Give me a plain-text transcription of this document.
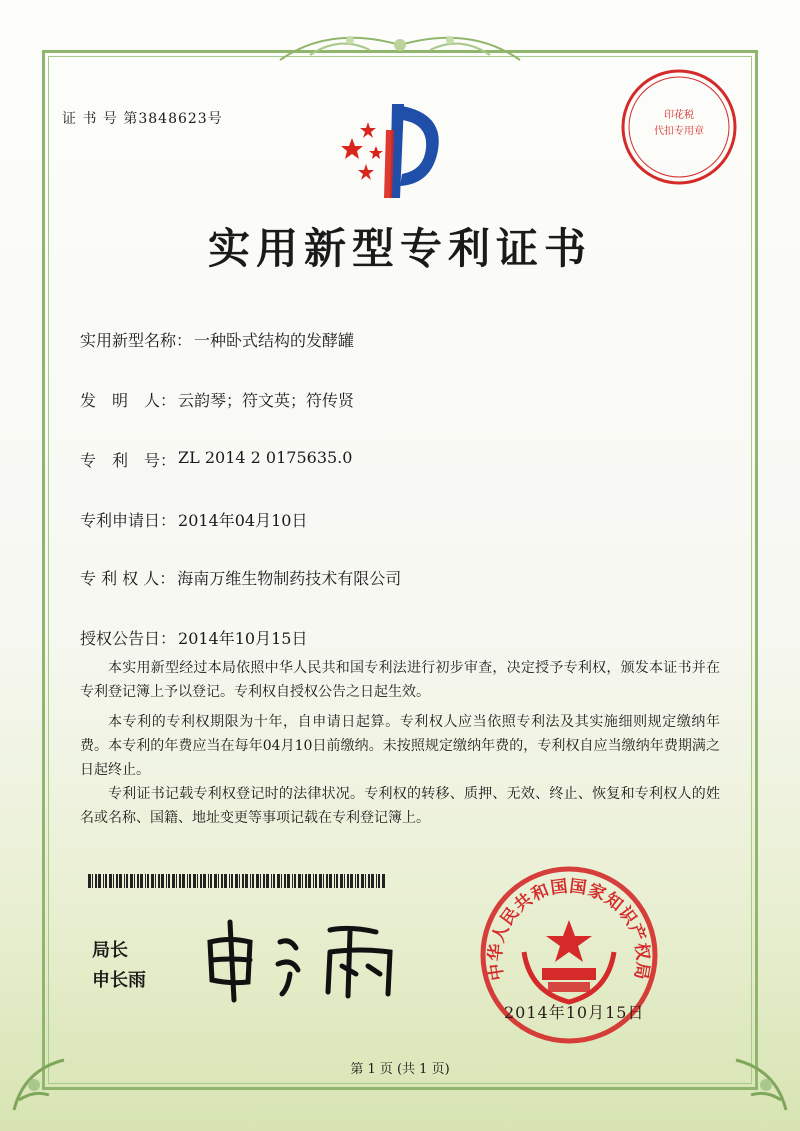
证 书 号 第3848623号	印花税
代扣专用章
实用新型专利证书
实用新型名称： 一种卧式结构的发酵罐
发　明　人： 云韵琴；符文英；符传贤
专　利　号： ZL 2014 2 0175635.0
专利申请日： 2014年04月10日
专 利 权 人： 海南万维生物制药技术有限公司
授权公告日： 2014年10月15日
本实用新型经过本局依照中华人民共和国专利法进行初步审查，决定授予专利权，颁发本证书并在专利登记簿上予以登记。专利权自授权公告之日起生效。
本专利的专利权期限为十年，自申请日起算。专利权人应当依照专利法及其实施细则规定缴纳年费。本专利的年费应当在每年04月10日前缴纳。未按照规定缴纳年费的，专利权自应当缴纳年费期满之日起终止。
专利证书记载专利权登记时的法律状况。专利权的转移、质押、无效、终止、恢复和专利权人的姓名或名称、国籍、地址变更等事项记载在专利登记簿上。
局长
申长雨	中华人民共和国国家知识产权局
2014年10月15日
第 1 页 (共 1 页)
